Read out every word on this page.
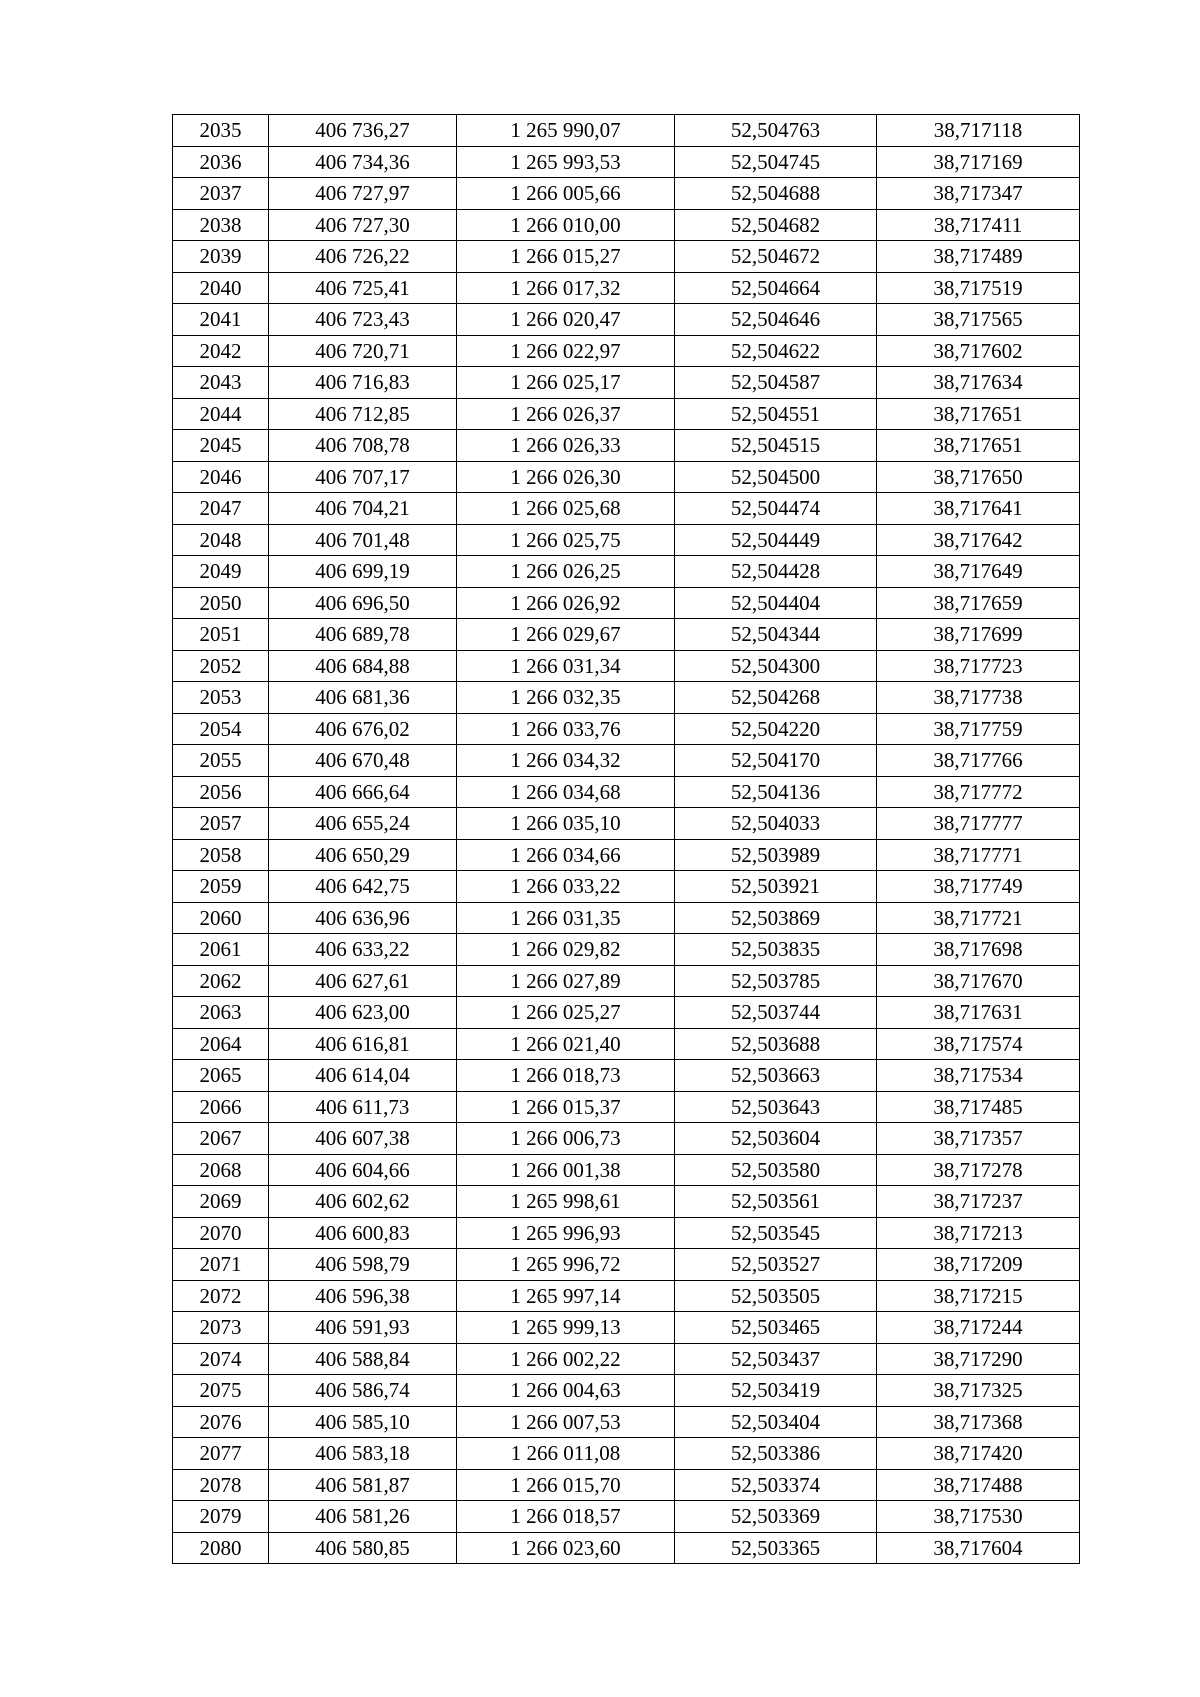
2035	406 736,27	1 265 990,07	52,504763	38,717118
2036	406 734,36	1 265 993,53	52,504745	38,717169
2037	406 727,97	1 266 005,66	52,504688	38,717347
2038	406 727,30	1 266 010,00	52,504682	38,717411
2039	406 726,22	1 266 015,27	52,504672	38,717489
2040	406 725,41	1 266 017,32	52,504664	38,717519
2041	406 723,43	1 266 020,47	52,504646	38,717565
2042	406 720,71	1 266 022,97	52,504622	38,717602
2043	406 716,83	1 266 025,17	52,504587	38,717634
2044	406 712,85	1 266 026,37	52,504551	38,717651
2045	406 708,78	1 266 026,33	52,504515	38,717651
2046	406 707,17	1 266 026,30	52,504500	38,717650
2047	406 704,21	1 266 025,68	52,504474	38,717641
2048	406 701,48	1 266 025,75	52,504449	38,717642
2049	406 699,19	1 266 026,25	52,504428	38,717649
2050	406 696,50	1 266 026,92	52,504404	38,717659
2051	406 689,78	1 266 029,67	52,504344	38,717699
2052	406 684,88	1 266 031,34	52,504300	38,717723
2053	406 681,36	1 266 032,35	52,504268	38,717738
2054	406 676,02	1 266 033,76	52,504220	38,717759
2055	406 670,48	1 266 034,32	52,504170	38,717766
2056	406 666,64	1 266 034,68	52,504136	38,717772
2057	406 655,24	1 266 035,10	52,504033	38,717777
2058	406 650,29	1 266 034,66	52,503989	38,717771
2059	406 642,75	1 266 033,22	52,503921	38,717749
2060	406 636,96	1 266 031,35	52,503869	38,717721
2061	406 633,22	1 266 029,82	52,503835	38,717698
2062	406 627,61	1 266 027,89	52,503785	38,717670
2063	406 623,00	1 266 025,27	52,503744	38,717631
2064	406 616,81	1 266 021,40	52,503688	38,717574
2065	406 614,04	1 266 018,73	52,503663	38,717534
2066	406 611,73	1 266 015,37	52,503643	38,717485
2067	406 607,38	1 266 006,73	52,503604	38,717357
2068	406 604,66	1 266 001,38	52,503580	38,717278
2069	406 602,62	1 265 998,61	52,503561	38,717237
2070	406 600,83	1 265 996,93	52,503545	38,717213
2071	406 598,79	1 265 996,72	52,503527	38,717209
2072	406 596,38	1 265 997,14	52,503505	38,717215
2073	406 591,93	1 265 999,13	52,503465	38,717244
2074	406 588,84	1 266 002,22	52,503437	38,717290
2075	406 586,74	1 266 004,63	52,503419	38,717325
2076	406 585,10	1 266 007,53	52,503404	38,717368
2077	406 583,18	1 266 011,08	52,503386	38,717420
2078	406 581,87	1 266 015,70	52,503374	38,717488
2079	406 581,26	1 266 018,57	52,503369	38,717530
2080	406 580,85	1 266 023,60	52,503365	38,717604
